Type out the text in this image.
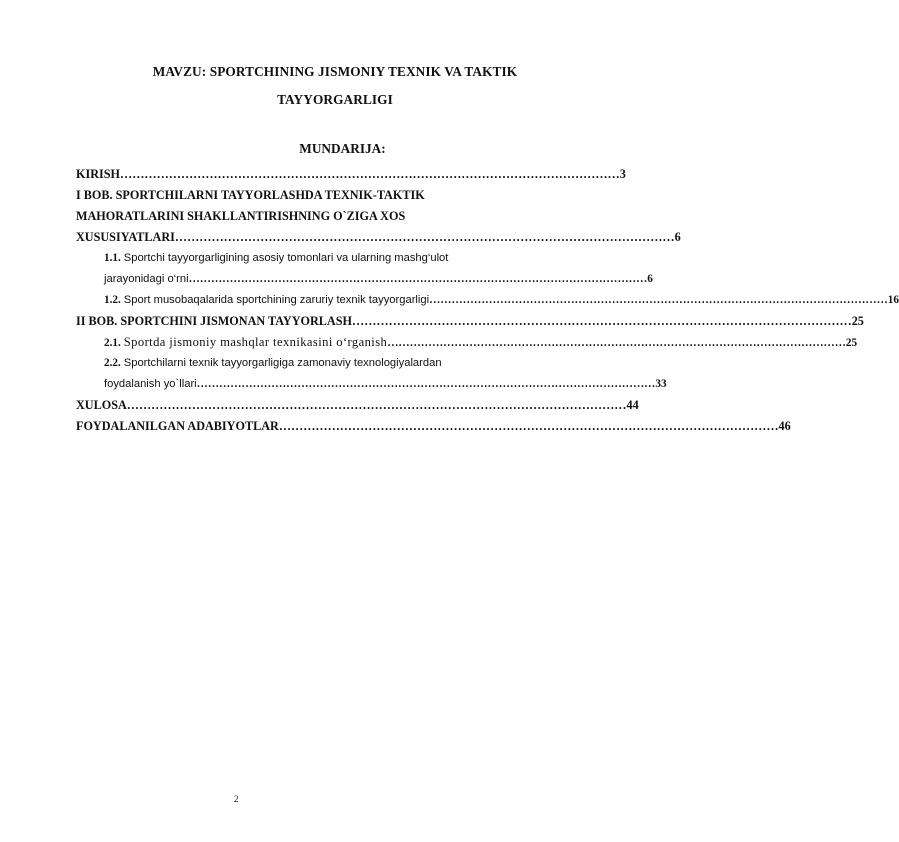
MAVZU: SPORTCHINING JISMONIY TEXNIK VA TAKTIK
TAYYORGARLIGI
MUNDARIJA:
KIRISH …………………………………………………………………………………………………………… 3
I BOB. SPORTCHILARNI TAYYORLASHDA TEXNIK-TAKTIK
MAHORATLARINI SHAKLLANTIRISHNING O`ZIGA XOS
XUSUSIYATLARI …………………………………………………………………………………………………………… 6
1.1. Sportchi tayyorgarligining asosiy tomonlari va ularning mashg‘ulot
jarayonidagi o‘rni …………………………………………………………………………………………………………… 6
1.2. Sport musobaqalarida sportchining zaruriy texnik tayyorgarligi …………………………………………………………………………………………………………… 16
II BOB. SPORTCHINI JISMONAN TAYYORLASH …………………………………………………………………………………………………………… 25
2.1. Sportda jismoniy mashqlar texnikasini o‘rganish …………………………………………………………………………………………………………… 25
2.2. Sportchilarni texnik tayyorgarligiga zamonaviy texnologiyalardan
foydalanish yo`llari …………………………………………………………………………………………………………… 33
XULOSA …………………………………………………………………………………………………………… 44
FOYDALANILGAN ADABIYOTLAR …………………………………………………………………………………………………………… 46
2
